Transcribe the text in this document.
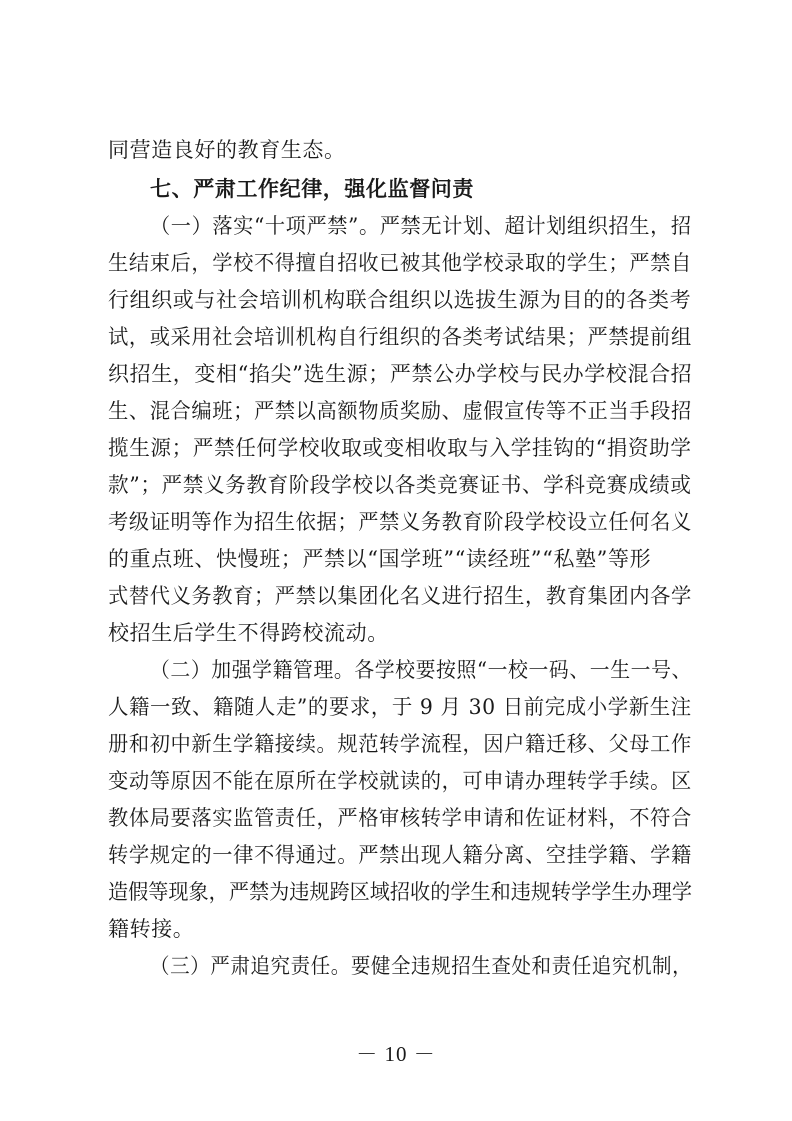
同营造良好的教育生态。
七、严肃工作纪律，强化监督问责
（一）落实“十项严禁”。严禁无计划、超计划组织招生，招
生结束后，学校不得擅自招收已被其他学校录取的学生；严禁自
行组织或与社会培训机构联合组织以选拔生源为目的的各类考
试，或采用社会培训机构自行组织的各类考试结果；严禁提前组
织招生，变相“掐尖”选生源；严禁公办学校与民办学校混合招
生、混合编班；严禁以高额物质奖励、虚假宣传等不正当手段招
揽生源；严禁任何学校收取或变相收取与入学挂钩的“捐资助学
款”；严禁义务教育阶段学校以各类竞赛证书、学科竞赛成绩或
考级证明等作为招生依据；严禁义务教育阶段学校设立任何名义
的重点班、快慢班；严禁以“国学班”“读经班”“私塾”等形
式替代义务教育；严禁以集团化名义进行招生，教育集团内各学
校招生后学生不得跨校流动。
（二）加强学籍管理。各学校要按照“一校一码、一生一号、
人籍一致、籍随人走”的要求，于 9 月 30 日前完成小学新生注
册和初中新生学籍接续。规范转学流程，因户籍迁移、父母工作
变动等原因不能在原所在学校就读的，可申请办理转学手续。区
教体局要落实监管责任，严格审核转学申请和佐证材料，不符合
转学规定的一律不得通过。严禁出现人籍分离、空挂学籍、学籍
造假等现象，严禁为违规跨区域招收的学生和违规转学学生办理学
籍转接。
（三）严肃追究责任。要健全违规招生查处和责任追究机制，
－ 10 －
